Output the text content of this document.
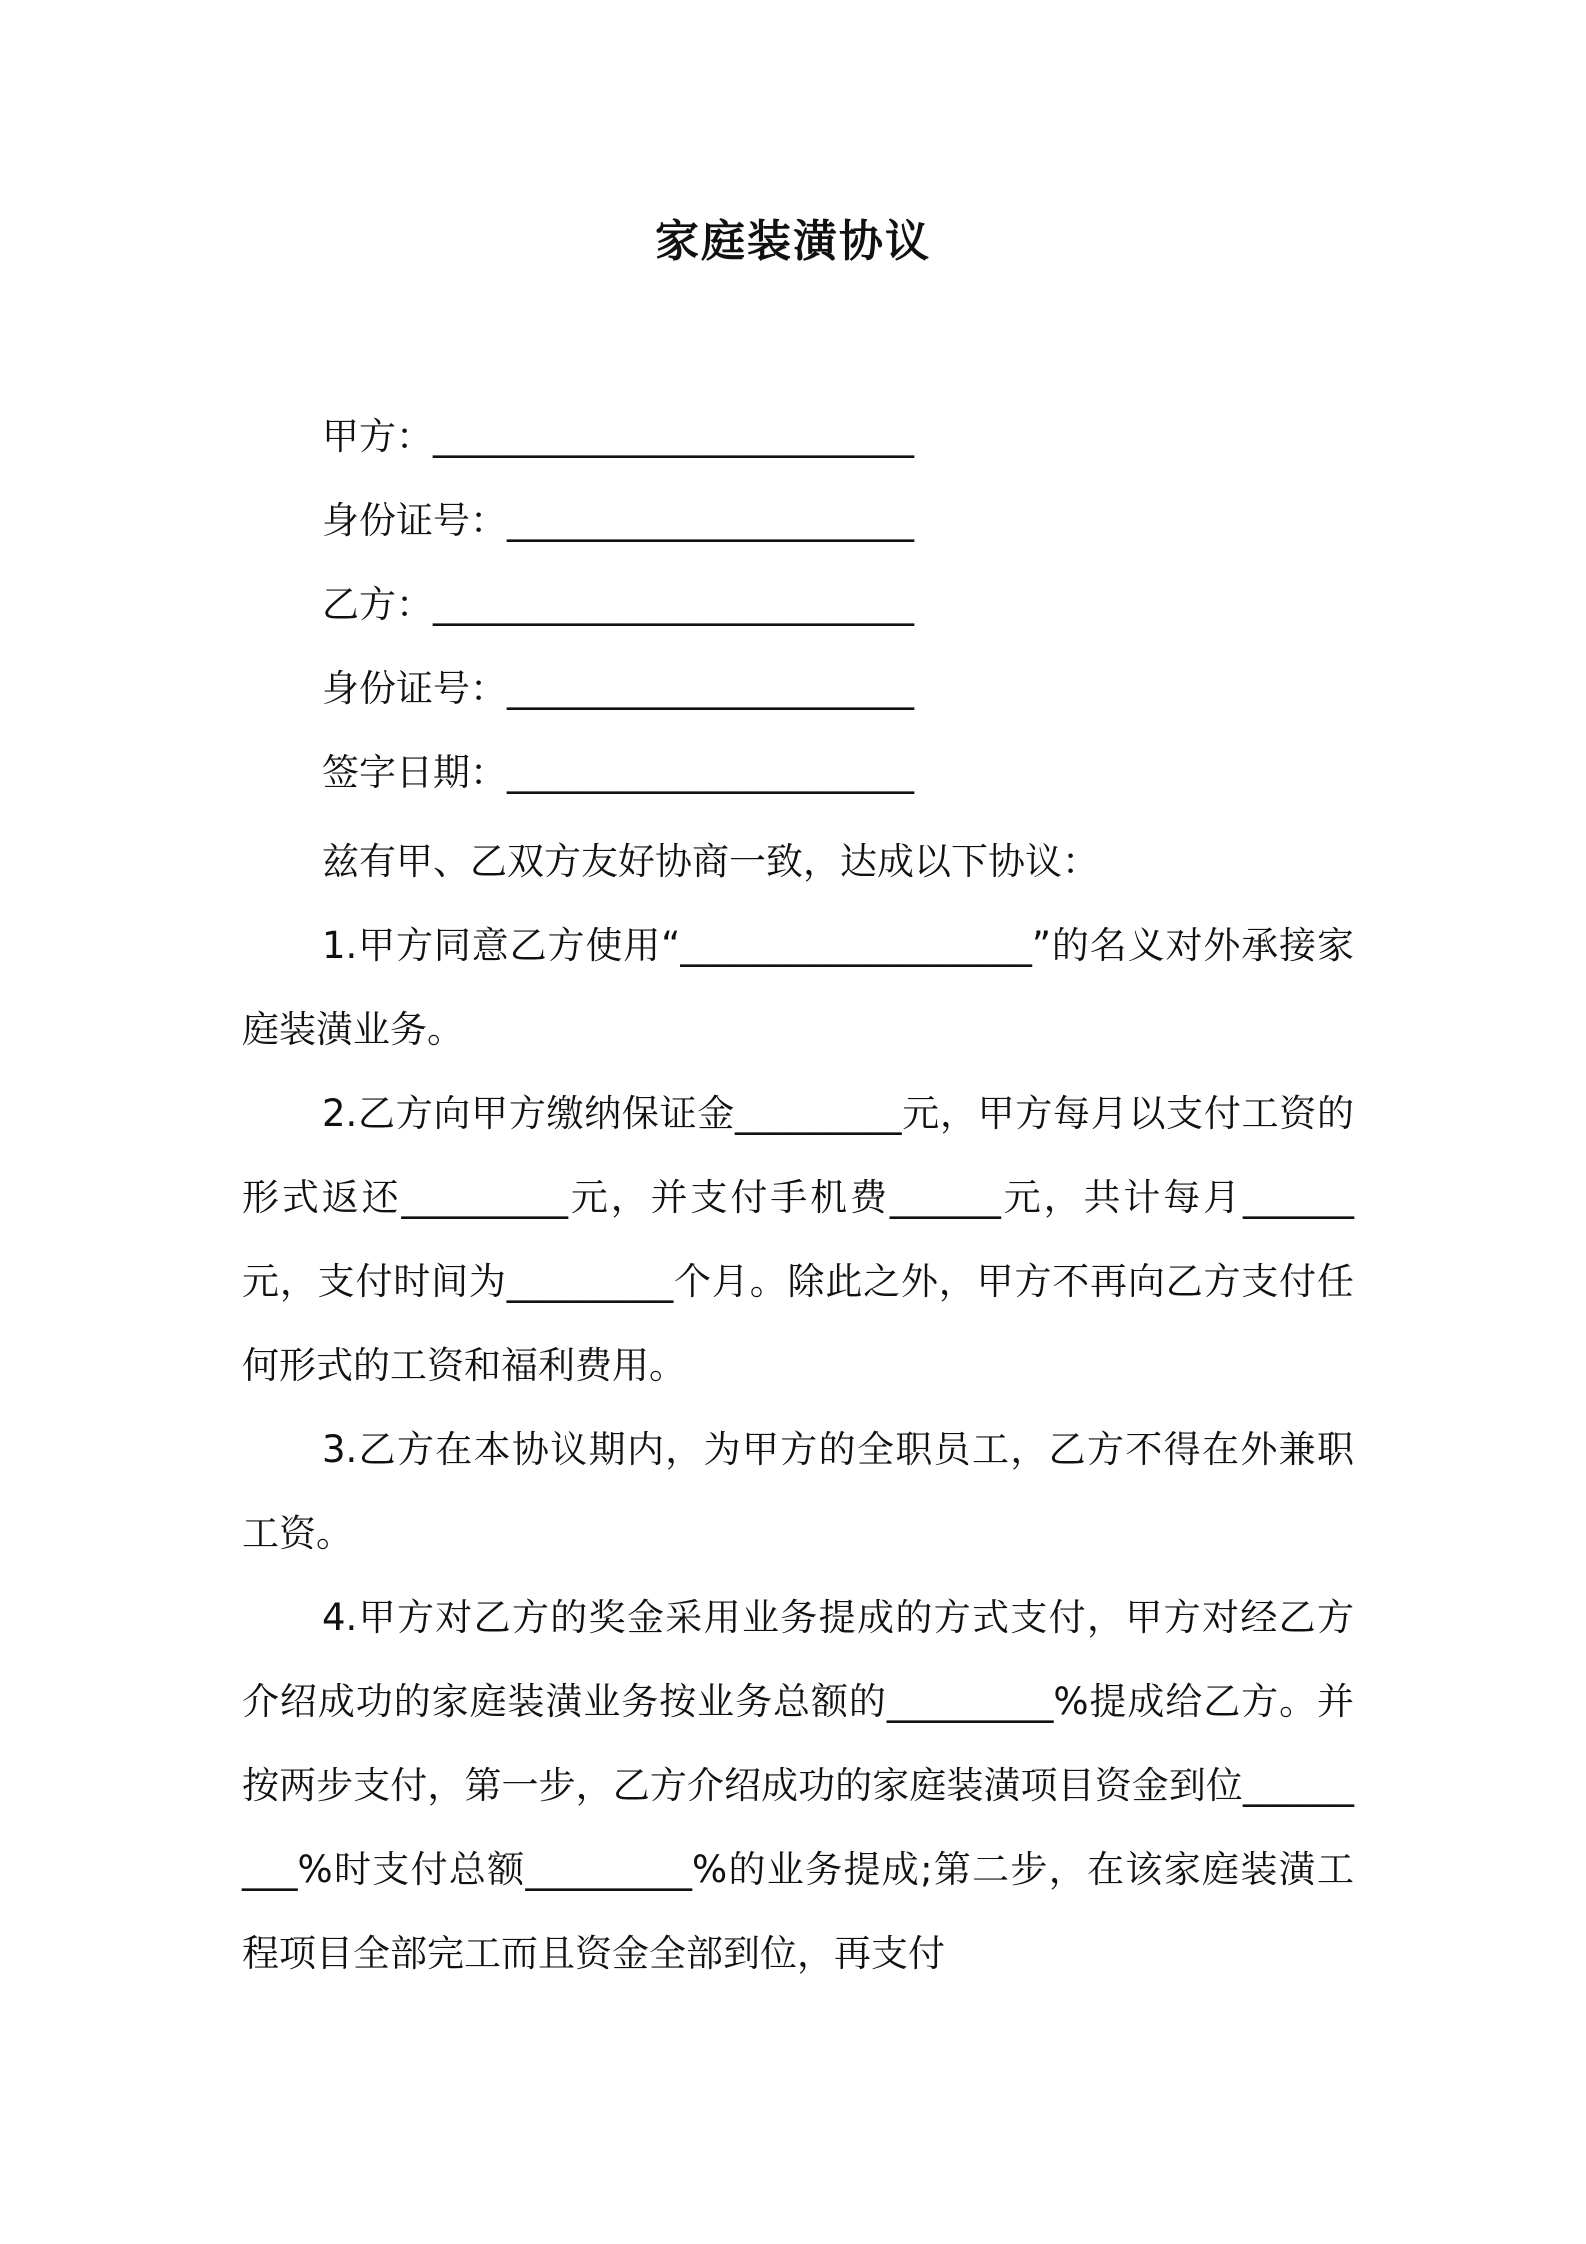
家庭装潢协议
甲方：__________________________
身份证号：______________________
乙方：__________________________
身份证号：______________________
签字日期：______________________

兹有甲、乙双方友好协商一致，达成以下协议：

1.甲方同意乙方使用“___________________”的名义对外承接家庭装潢业务。

2.乙方向甲方缴纳保证金_________元，甲方每月以支付工资的形式返还_________元，并支付手机费______元，共计每月______元，支付时间为_________个月。除此之外，甲方不再向乙方支付任何形式的工资和福利费用。

3.乙方在本协议期内，为甲方的全职员工，乙方不得在外兼职工资。

4.甲方对乙方的奖金采用业务提成的方式支付，甲方对经乙方介绍成功的家庭装潢业务按业务总额的_________%提成给乙方。并按两步支付，第一步，乙方介绍成功的家庭装潢项目资金到位_________%时支付总额_________%的业务提成;第二步，在该家庭装潢工程项目全部完工而且资金全部到位，再支付
